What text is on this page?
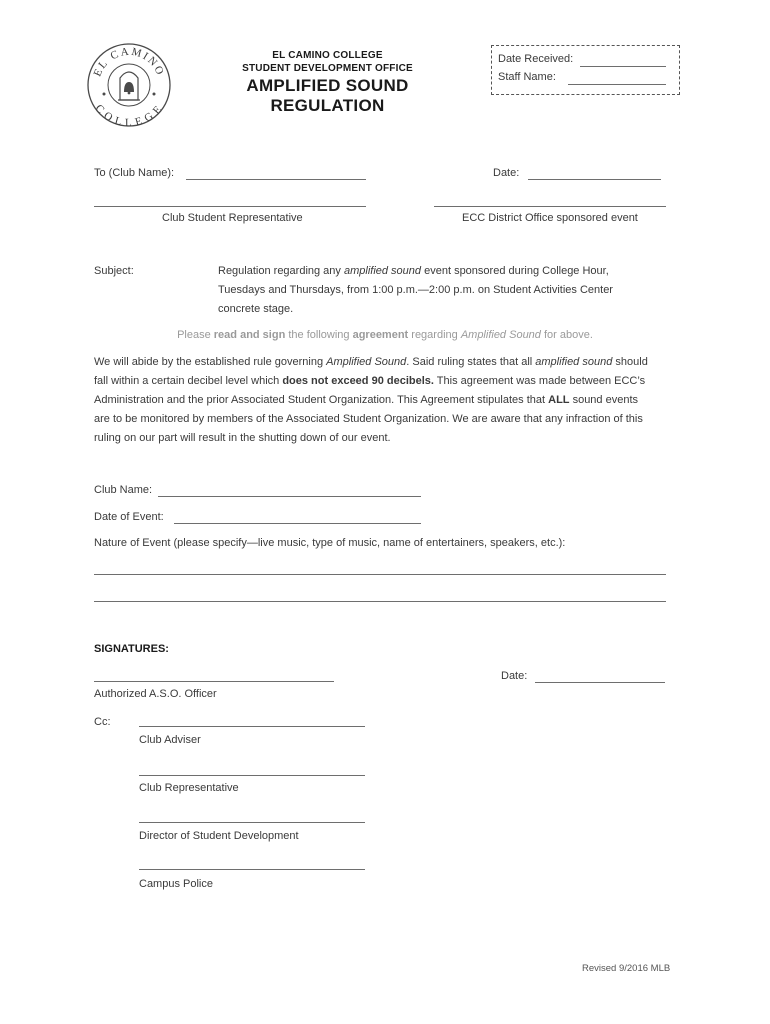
EL CAMINO
COLLEGE
EL CAMINO COLLEGE
STUDENT DEVELOPMENT OFFICE
AMPLIFIED SOUND REGULATION
Date Received:
Staff Name:
To (Club Name):	Date:
Club Student Representative	ECC District Office sponsored event
Subject:	Regulation regarding any amplified sound event sponsored during College Hour,
Tuesdays and Thursdays, from 1:00 p.m.—2:00 p.m. on Student Activities Center
concrete stage.

Please read and sign the following agreement regarding Amplified Sound for above.

We will abide by the established rule governing Amplified Sound. Said ruling states that all amplified sound should fall within a certain decibel level which does not exceed 90 decibels. This agreement was made between ECC’s Administration and the prior Associated Student Organization. This Agreement stipulates that ALL sound events are to be monitored by members of the Associated Student Organization. We are aware that any infraction of this ruling on our part will result in the shutting down of our event.

Club Name:
Date of Event:
Nature of Event (please specify—live music, type of music, name of entertainers, speakers, etc.):
SIGNATURES:
Date:
Authorized A.S.O. Officer
Cc:
Club Adviser
Club Representative
Director of Student Development
Campus Police
Revised 9/2016 MLB
